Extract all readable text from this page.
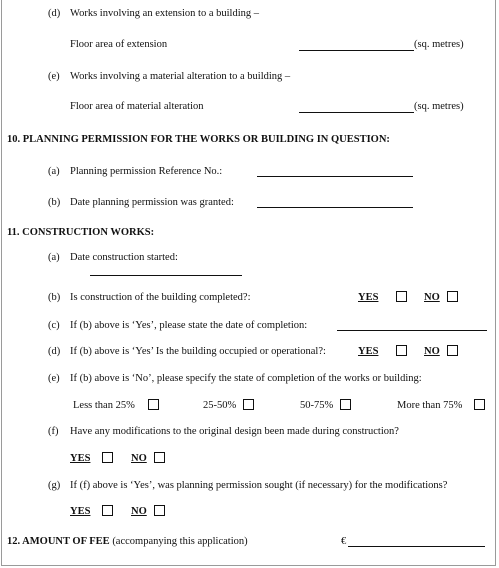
(d) Works involving an extension to a building –
Floor area of extension	(sq. metres)
(e) Works involving a material alteration to a building –
Floor area of material alteration	(sq. metres)
10. PLANNING PERMISSION FOR THE WORKS OR BUILDING IN QUESTION:
(a) Planning permission Reference No.:
(b) Date planning permission was granted:
11. CONSTRUCTION WORKS:
(a) Date construction started:
(b) Is construction of the building completed?:	YES	NO
(c) If (b) above is ‘Yes’, please state the date of completion:
(d) If (b) above is ‘Yes’ Is the building occupied or operational?:	YES	NO
(e) If (b) above is ‘No’, please specify the state of completion of the works or building:
Less than 25%	25-50%	50-75%	More than 75%
(f) Have any modifications to the original design been made during construction?
YES	NO
(g) If (f) above is ‘Yes’, was planning permission sought (if necessary) for the modifications?
YES	NO
12. AMOUNT OF FEE (accompanying this application)	€
